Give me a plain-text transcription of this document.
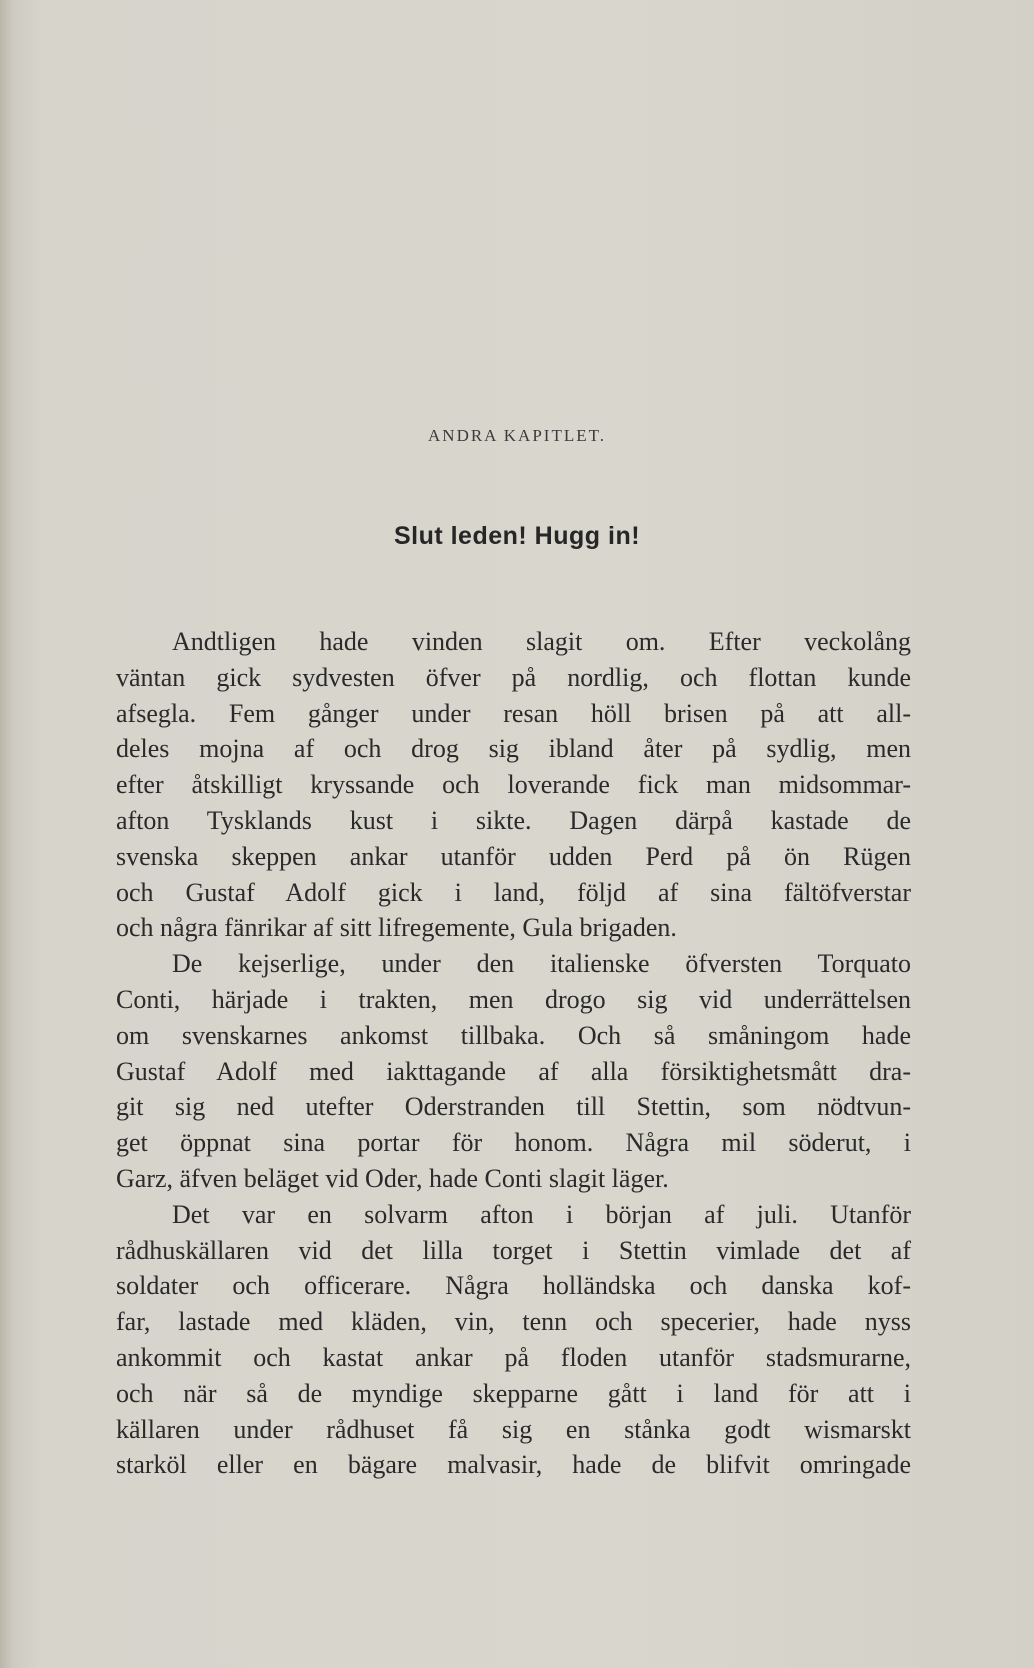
ANDRA KAPITLET.
Slut leden! Hugg in!
Andtligen hade vinden slagit om. Efter veckolång
väntan gick sydvesten öfver på nordlig, och flottan kunde
afsegla. Fem gånger under resan höll brisen på att all-
deles mojna af och drog sig ibland åter på sydlig, men
efter åtskilligt kryssande och loverande fick man midsommar-
afton Tysklands kust i sikte. Dagen därpå kastade de
svenska skeppen ankar utanför udden Perd på ön Rügen
och Gustaf Adolf gick i land, följd af sina fältöfverstar
och några fänrikar af sitt lifregemente, Gula brigaden.
De kejserlige, under den italienske öfversten Torquato
Conti, härjade i trakten, men drogo sig vid underrättelsen
om svenskarnes ankomst tillbaka. Och så småningom hade
Gustaf Adolf med iakttagande af alla försiktighetsmått dra-
git sig ned utefter Oderstranden till Stettin, som nödtvun-
get öppnat sina portar för honom. Några mil söderut, i
Garz, äfven beläget vid Oder, hade Conti slagit läger.
Det var en solvarm afton i början af juli. Utanför
rådhuskällaren vid det lilla torget i Stettin vimlade det af
soldater och officerare. Några holländska och danska kof-
far, lastade med kläden, vin, tenn och specerier, hade nyss
ankommit och kastat ankar på floden utanför stadsmurarne,
och när så de myndige skepparne gått i land för att i
källaren under rådhuset få sig en stånka godt wismarskt
starköl eller en bägare malvasir, hade de blifvit omringade
